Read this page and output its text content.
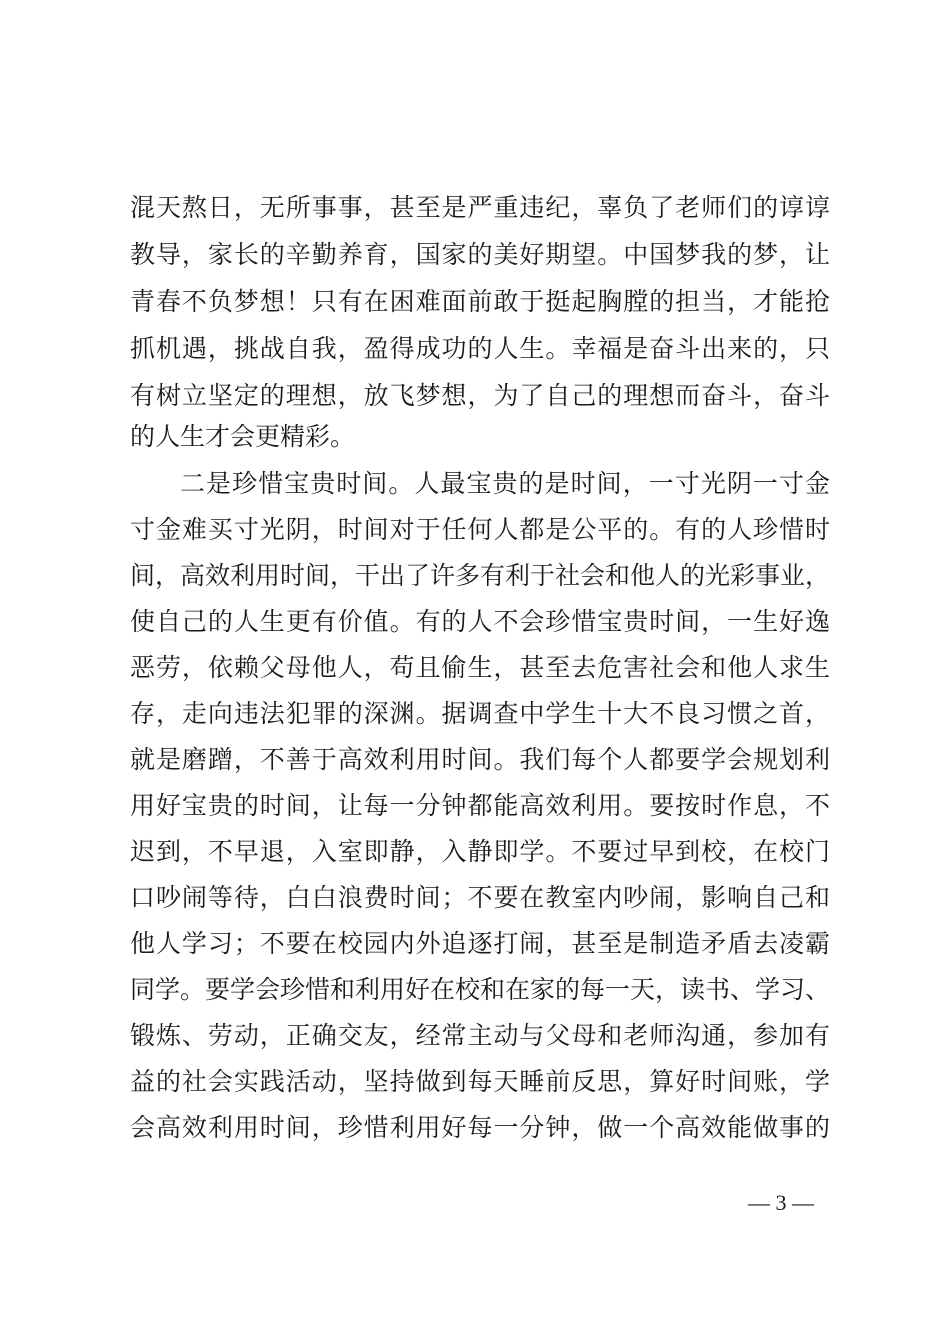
混天熬日，无所事事，甚至是严重违纪，辜负了老师们的谆谆
教导，家长的辛勤养育，国家的美好期望。中国梦我的梦，让
青春不负梦想！只有在困难面前敢于挺起胸膛的担当，才能抢
抓机遇，挑战自我，盈得成功的人生。幸福是奋斗出来的，只
有树立坚定的理想，放飞梦想，为了自己的理想而奋斗，奋斗
的人生才会更精彩。
二是珍惜宝贵时间。人最宝贵的是时间，一寸光阴一寸金
寸金难买寸光阴，时间对于任何人都是公平的。有的人珍惜时
间，高效利用时间，干出了许多有利于社会和他人的光彩事业，
使自己的人生更有价值。有的人不会珍惜宝贵时间，一生好逸
恶劳，依赖父母他人，苟且偷生，甚至去危害社会和他人求生
存，走向违法犯罪的深渊。据调查中学生十大不良习惯之首，
就是磨蹭，不善于高效利用时间。我们每个人都要学会规划利
用好宝贵的时间，让每一分钟都能高效利用。要按时作息，不
迟到，不早退，入室即静，入静即学。不要过早到校，在校门
口吵闹等待，白白浪费时间；不要在教室内吵闹，影响自己和
他人学习；不要在校园内外追逐打闹，甚至是制造矛盾去凌霸
同学。要学会珍惜和利用好在校和在家的每一天，读书、学习、
锻炼、劳动，正确交友，经常主动与父母和老师沟通，参加有
益的社会实践活动，坚持做到每天睡前反思，算好时间账，学
会高效利用时间，珍惜利用好每一分钟，做一个高效能做事的
— 3 —
